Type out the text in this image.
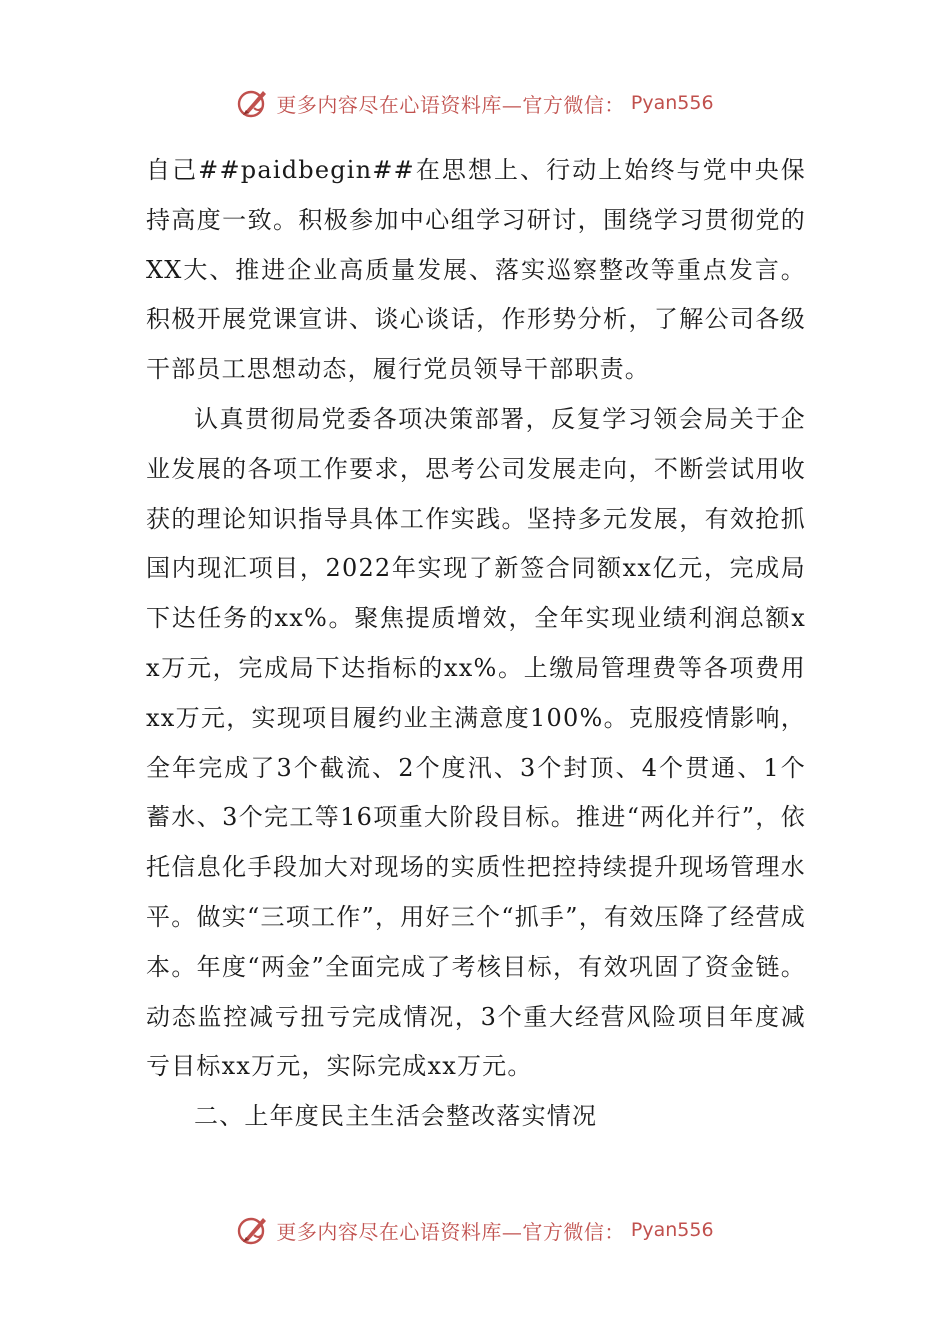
更多内容尽在心语资料库—官方微信： Pyan556

自己##paidbegin##在思想上、行动上始终与党中央保持高度一致。积极参加中心组学习研讨，围绕学习贯彻党的XX大、推进企业高质量发展、落实巡察整改等重点发言。积极开展党课宣讲、谈心谈话，作形势分析，了解公司各级干部员工思想动态，履行党员领导干部职责。

认真贯彻局党委各项决策部署，反复学习领会局关于企业发展的各项工作要求，思考公司发展走向，不断尝试用收获的理论知识指导具体工作实践。坚持多元发展，有效抢抓国内现汇项目，2022年实现了新签合同额xx亿元，完成局下达任务的xx%。聚焦提质增效，全年实现业绩利润总额xx万元，完成局下达指标的xx%。上缴局管理费等各项费用xx万元，实现项目履约业主满意度100%。克服疫情影响，全年完成了3个截流、2个度汛、3个封顶、4个贯通、1个蓄水、3个完工等16项重大阶段目标。推进“两化并行”，依托信息化手段加大对现场的实质性把控持续提升现场管理水平。做实“三项工作”，用好三个“抓手”，有效压降了经营成本。年度“两金”全面完成了考核目标，有效巩固了资金链。动态监控减亏扭亏完成情况，3个重大经营风险项目年度减亏目标xx万元，实际完成xx万元。

二、上年度民主生活会整改落实情况

更多内容尽在心语资料库—官方微信： Pyan556
